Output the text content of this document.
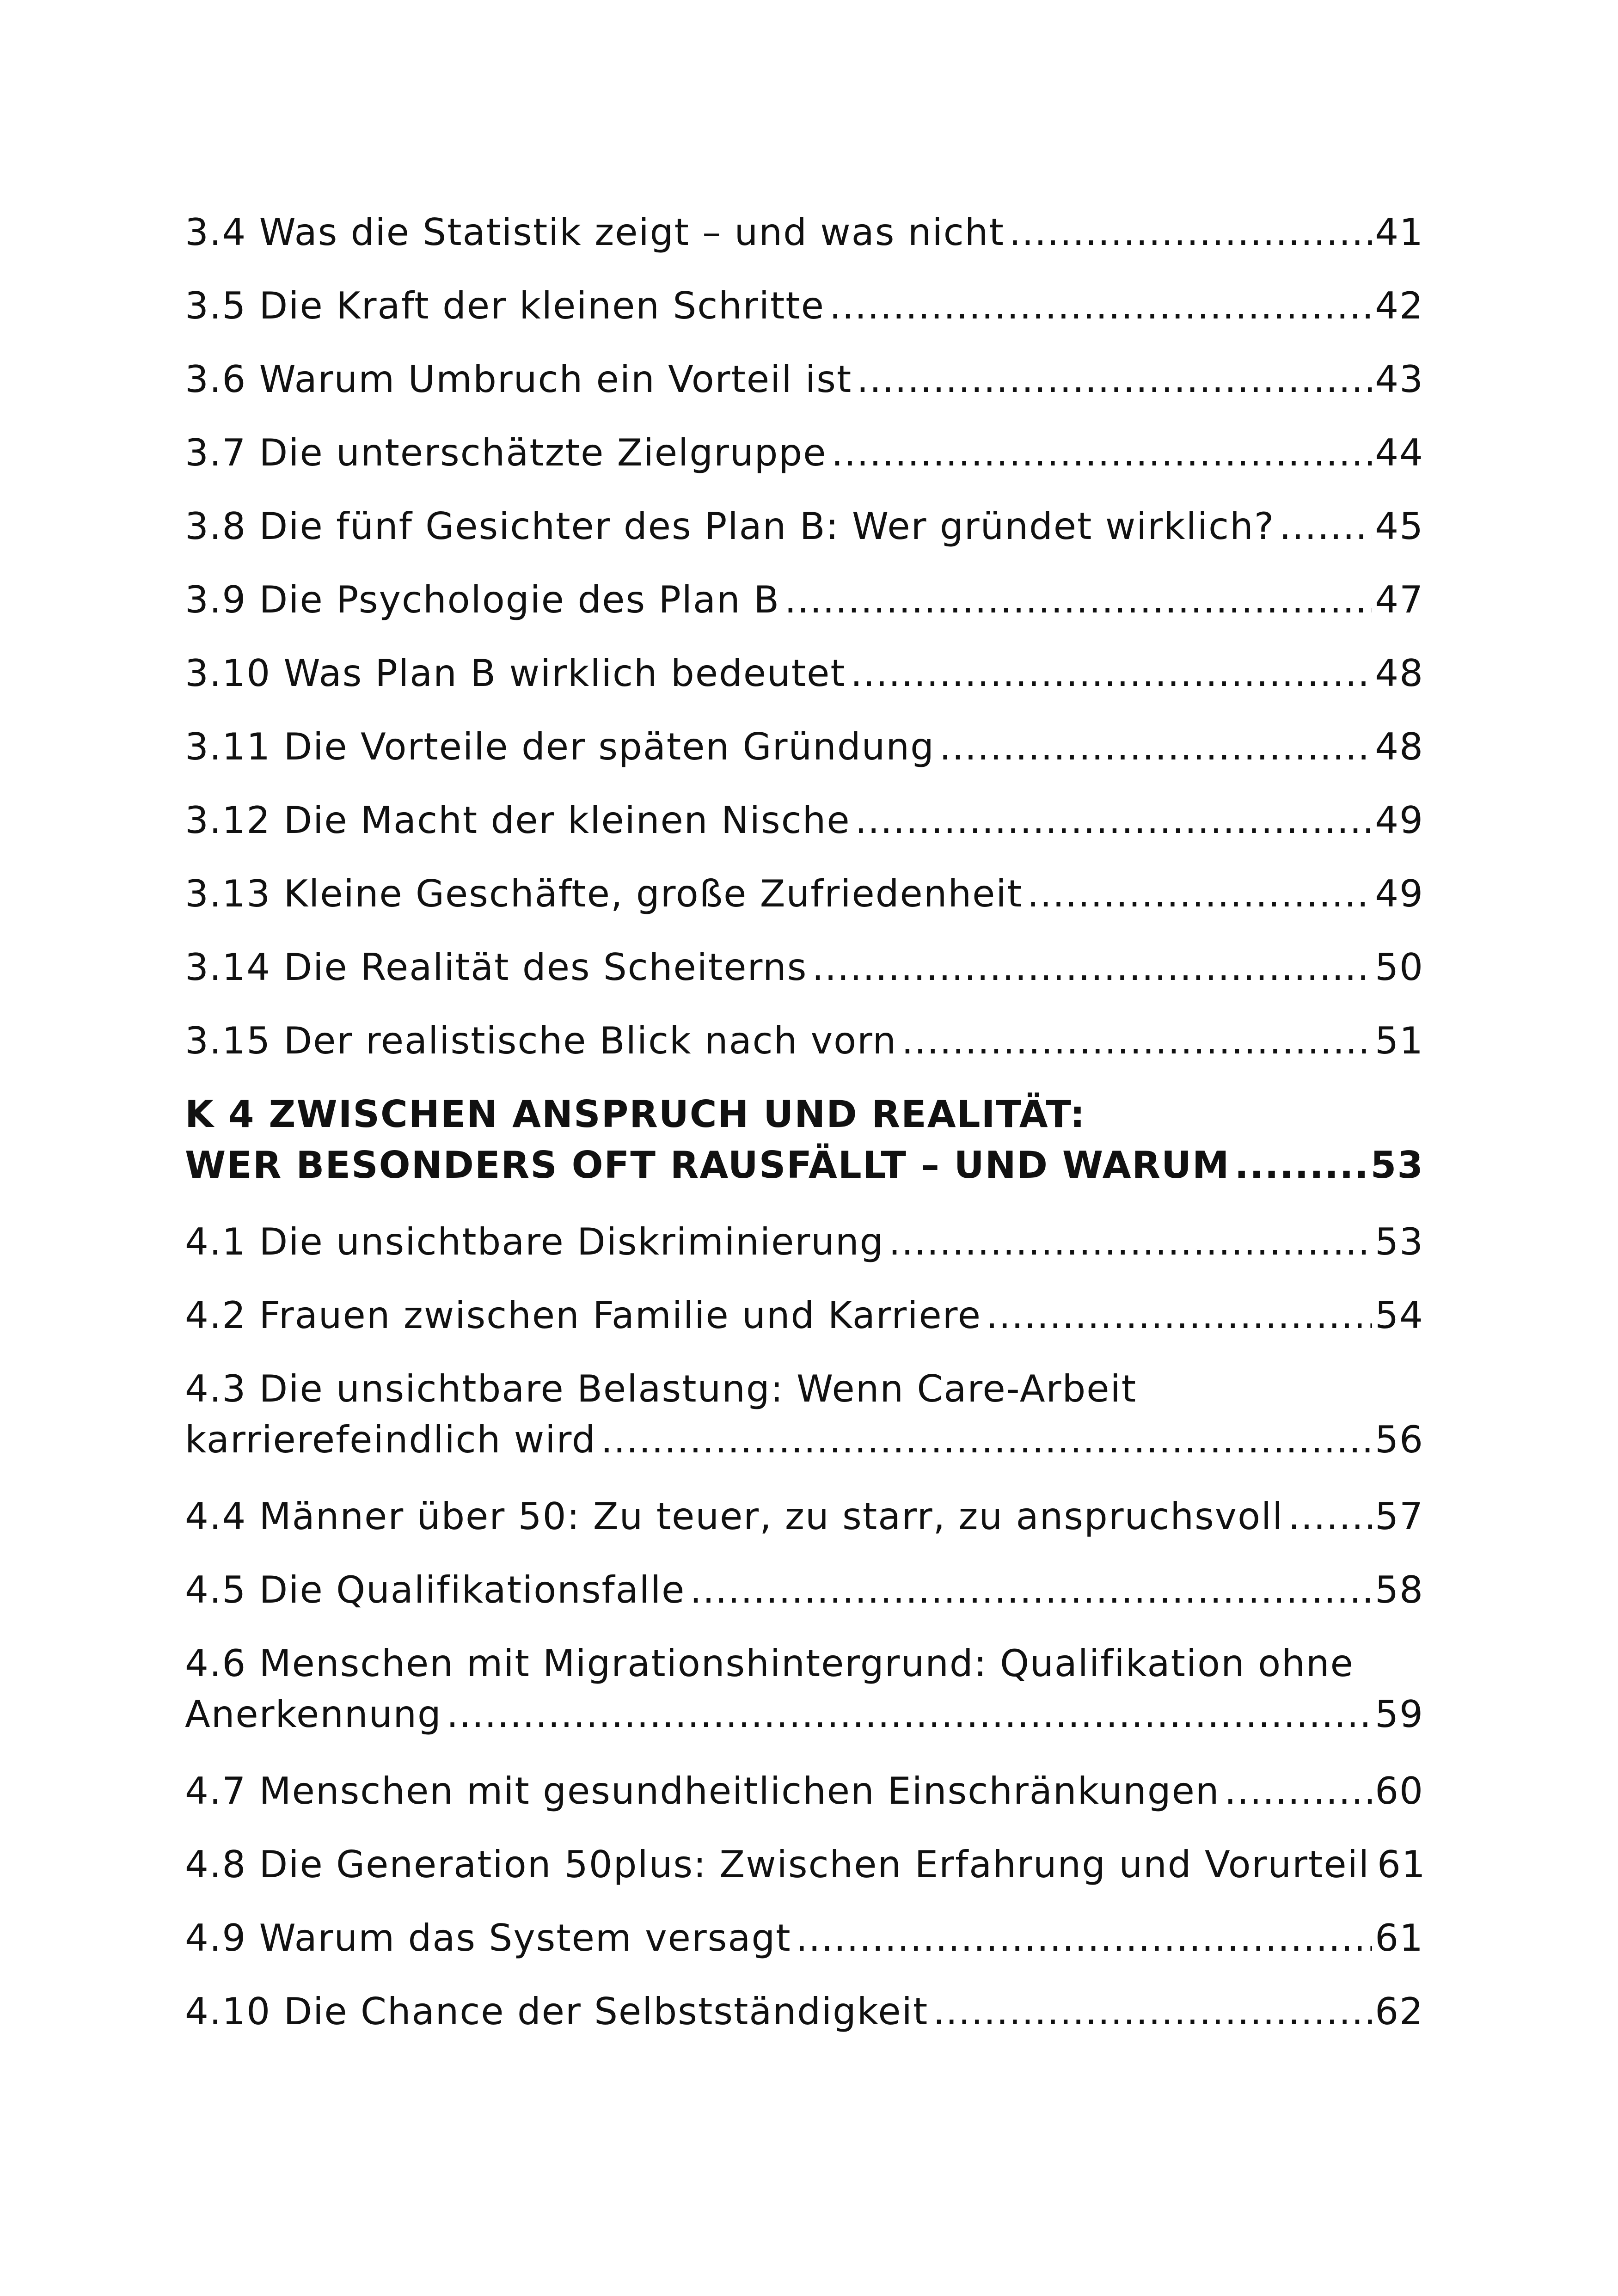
3.4 Was die Statistik zeigt – und was nicht .....	41
3.5 Die Kraft der kleinen Schritte .....	42
3.6 Warum Umbruch ein Vorteil ist .....	43
3.7 Die unterschätzte Zielgruppe .....	44
3.8 Die fünf Gesichter des Plan B: Wer gründet wirklich? .....	45
3.9 Die Psychologie des Plan B .....	47
3.10 Was Plan B wirklich bedeutet .....	48
3.11 Die Vorteile der späten Gründung .....	48
3.12 Die Macht der kleinen Nische .....	49
3.13 Kleine Geschäfte, große Zufriedenheit .....	49
3.14 Die Realität des Scheiterns .....	50
3.15 Der realistische Blick nach vorn .....	51
K 4 ZWISCHEN ANSPRUCH UND REALITÄT:
WER BESONDERS OFT RAUSFÄLLT – UND WARUM .....	53
4.1 Die unsichtbare Diskriminierung .....	53
4.2 Frauen zwischen Familie und Karriere .....	54
4.3 Die unsichtbare Belastung: Wenn Care-Arbeit
karrierefeindlich wird .....	56
4.4 Männer über 50: Zu teuer, zu starr, zu anspruchsvoll ..... 57
4.5 Die Qualifikationsfalle .....	58
4.6 Menschen mit Migrationshintergrund: Qualifikation ohne
Anerkennung .....	59
4.7 Menschen mit gesundheitlichen Einschränkungen .....	60
4.8 Die Generation 50plus: Zwischen Erfahrung und Vorurteil 61
4.9 Warum das System versagt .....	61
4.10 Die Chance der Selbstständigkeit .....	62
